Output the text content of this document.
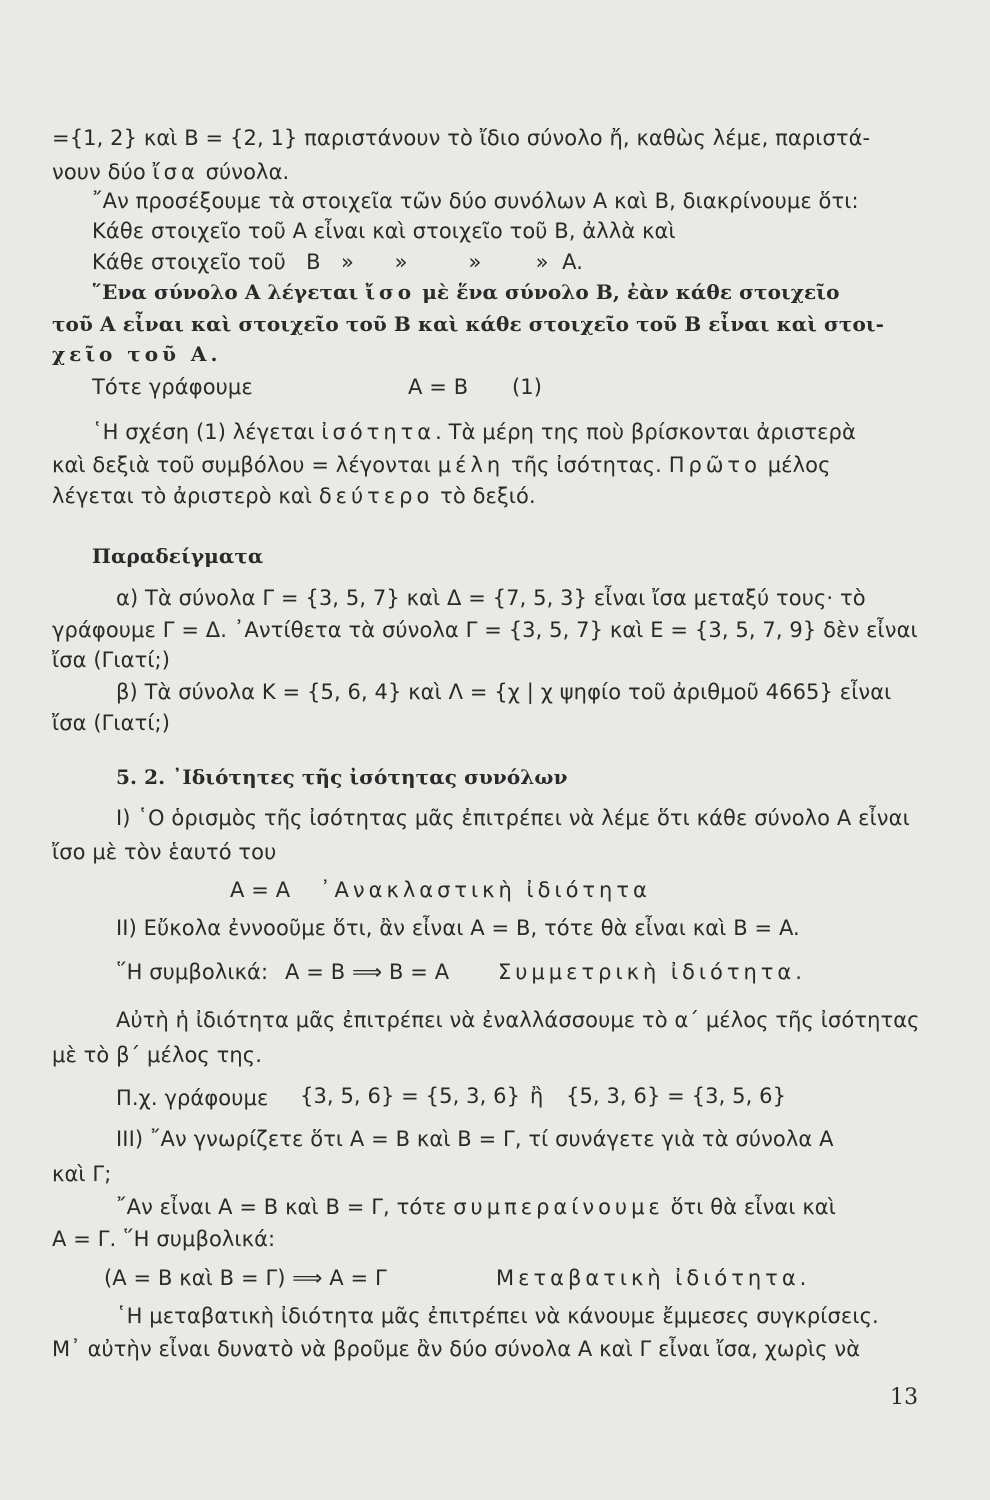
={1, 2} καὶ B = {2, 1} παριστάνουν τὸ ἴδιο σύνολο ἤ, καθὼς λέμε, παριστά-
νουν δύο ἴσα σύνολα.
῎Αν προσέξουμε τὰ στοιχεῖα τῶν δύο συνόλων A καὶ B, διακρίνουμε ὅτι:
Κάθε στοιχεῖο τοῦ A εἶναι καὶ στοιχεῖο τοῦ B, ἀλλὰ καὶ
Κάθε στοιχεῖο τοῦ   B   »      »         »        »  A.
῞Ενα σύνολο A λέγεται ἴσο μὲ ἕνα σύνολο B, ἐὰν κάθε στοιχεῖο
τοῦ A εἶναι καὶ στοιχεῖο τοῦ B καὶ κάθε στοιχεῖο τοῦ B εἶναι καὶ στοι-
χεῖο τοῦ A.
Τότε γράφουμε	A = B (1)
῾Η σχέση (1) λέγεται ἰσότητα. Τὰ μέρη της ποὺ βρίσκονται ἀριστερὰ
καὶ δεξιὰ τοῦ συμβόλου = λέγονται μέλη τῆς ἰσότητας. Πρῶτο μέλος
λέγεται τὸ ἀριστερὸ καὶ δεύτερο τὸ δεξιό.
Παραδείγματα
α) Τὰ σύνολα Γ = {3, 5, 7} καὶ Δ = {7, 5, 3} εἶναι ἴσα μεταξύ τους· τὸ
γράφουμε Γ = Δ. ᾿Αντίθετα τὰ σύνολα Γ = {3, 5, 7} καὶ E = {3, 5, 7, 9} δὲν εἶναι
ἴσα (Γιατί;)
β) Τὰ σύνολα K = {5, 6, 4} καὶ Λ = {χ | χ ψηφίο τοῦ ἀριθμοῦ 4665} εἶναι
ἴσα (Γιατί;)
5. 2. ᾿Ιδιότητες τῆς ἰσότητας συνόλων
I) ῾Ο ὁρισμὸς τῆς ἰσότητας μᾶς ἐπιτρέπει νὰ λέμε ὅτι κάθε σύνολο A εἶναι
ἴσο μὲ τὸν ἑαυτό του
A = A ᾿Ανακλαστικὴ ἰδιότητα
II) Εὔκολα ἐννοοῦμε ὅτι, ἂν εἶναι A = B, τότε θὰ εἶναι καὶ B = A.
῞Η συμβολικά: A = B ⟹ B = A Συμμετρικὴ ἰδιότητα.
Αὐτὴ ἡ ἰδιότητα μᾶς ἐπιτρέπει νὰ ἐναλλάσσουμε τὸ α΄ μέλος τῆς ἰσότητας
μὲ τὸ β΄ μέλος της.
Π.χ. γράφουμε {3, 5, 6} = {5, 3, 6} ἢ {5, 3, 6} = {3, 5, 6}
III) ῎Αν γνωρίζετε ὅτι A = B καὶ B = Γ, τί συνάγετε γιὰ τὰ σύνολα A
καὶ Γ;
῎Αν εἶναι A = B καὶ B = Γ, τότε συμπεραίνουμε ὅτι θὰ εἶναι καὶ
A = Γ. ῞Η συμβολικά:
(A = B καὶ B = Γ) ⟹ A = Γ	Μεταβατικὴ ἰδιότητα.
῾Η μεταβατικὴ ἰδιότητα μᾶς ἐπιτρέπει νὰ κάνουμε ἔμμεσες συγκρίσεις.
Μ᾿ αὐτὴν εἶναι δυνατὸ νὰ βροῦμε ἂν δύο σύνολα A καὶ Γ εἶναι ἴσα, χωρὶς νὰ
13
